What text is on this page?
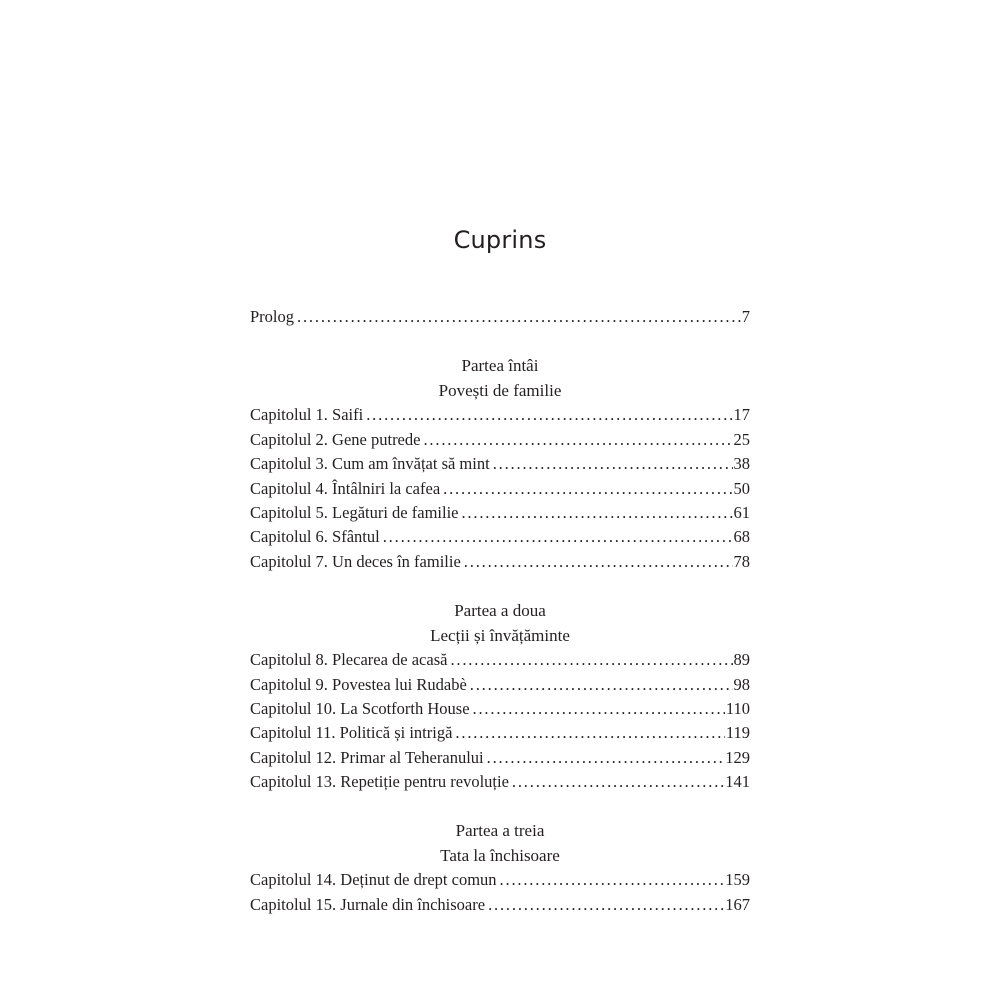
Cuprins
Prolog . . .	7
Partea întâi
Povești de familie
Capitolul 1. Saifi . . .	17
Capitolul 2. Gene putrede . . .	25
Capitolul 3. Cum am învățat să mint . . .	38
Capitolul 4. Întâlniri la cafea . . .	50
Capitolul 5. Legături de familie . . .	61
Capitolul 6. Sfântul . . .	68
Capitolul 7. Un deces în familie . . .	78
Partea a doua
Lecții și învățăminte
Capitolul 8. Plecarea de acasă . . .	89
Capitolul 9. Povestea lui Rudabè . . .	98
Capitolul 10. La Scotforth House . . .	110
Capitolul 11. Politică și intrigă . . .	119
Capitolul 12. Primar al Teheranului . . .	129
Capitolul 13. Repetiție pentru revoluție . . .	141
Partea a treia
Tata la închisoare
Capitolul 14. Deținut de drept comun . . .	159
Capitolul 15. Jurnale din închisoare . . .	167
